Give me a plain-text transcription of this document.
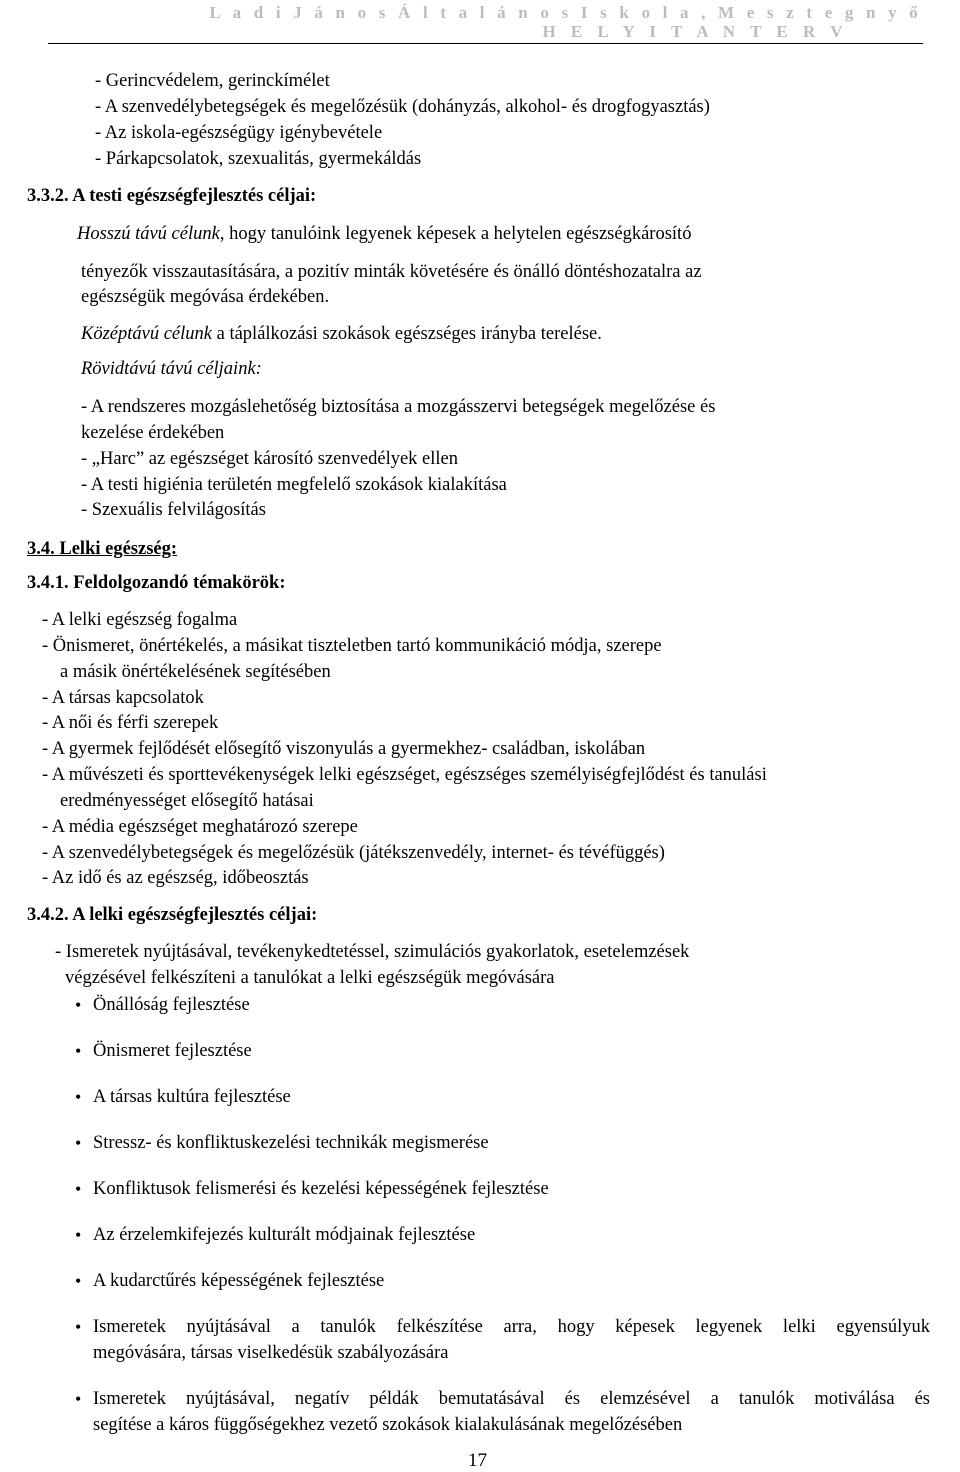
L a d i J á n o s Á l t a l á n o s I s k o l a , M e s z t e g n y ő
H E L Y I T A N T E R V
- Gerincvédelem, gerinckímélet
- A szenvedélybetegségek és megelőzésük (dohányzás, alkohol- és drogfogyasztás)
- Az iskola-egészségügy igénybevétele
- Párkapcsolatok, szexualitás, gyermekáldás
3.3.2. A testi egészségfejlesztés céljai:
Hosszú távú célunk, hogy tanulóink legyenek képesek a helytelen egészségkárosító
tényezők visszautasítására, a pozitív minták követésére és önálló döntéshozatalra az
egészségük megóvása érdekében.
Középtávú célunk a táplálkozási szokások egészséges irányba terelése.
Rövidtávú távú céljaink:
- A rendszeres mozgáslehetőség biztosítása a mozgásszervi betegségek megelőzése és
kezelése érdekében
- „Harc” az egészséget károsító szenvedélyek ellen
- A testi higiénia területén megfelelő szokások kialakítása
- Szexuális felvilágosítás
3.4. Lelki egészség:
3.4.1. Feldolgozandó témakörök:
- A lelki egészség fogalma
- Önismeret, önértékelés, a másikat tiszteletben tartó kommunikáció módja, szerepe
a másik önértékelésének segítésében
- A társas kapcsolatok
- A női és férfi szerepek
- A gyermek fejlődését elősegítő viszonyulás a gyermekhez- családban, iskolában
- A művészeti és sporttevékenységek lelki egészséget, egészséges személyiségfejlődést és tanulási
eredményességet elősegítő hatásai
- A média egészséget meghatározó szerepe
- A szenvedélybetegségek és megelőzésük (játékszenvedély, internet- és tévéfüggés)
- Az idő és az egészség, időbeosztás
3.4.2. A lelki egészségfejlesztés céljai:
- Ismeretek nyújtásával, tevékenykedtetéssel, szimulációs gyakorlatok, esetelemzések
végzésével felkészíteni a tanulókat a lelki egészségük megóvására
• Önállóság fejlesztése
• Önismeret fejlesztése
• A társas kultúra fejlesztése
• Stressz- és konfliktuskezelési technikák megismerése
• Konfliktusok felismerési és kezelési képességének fejlesztése
• Az érzelemkifejezés kulturált módjainak fejlesztése
• A kudarctűrés képességének fejlesztése
• Ismeretek nyújtásával a tanulók felkészítése arra, hogy képesek legyenek lelki egyensúlyuk
megóvására, társas viselkedésük szabályozására
• Ismeretek nyújtásával, negatív példák bemutatásával és elemzésével a tanulók motiválása és
segítése a káros függőségekhez vezető szokások kialakulásának megelőzésében
17
